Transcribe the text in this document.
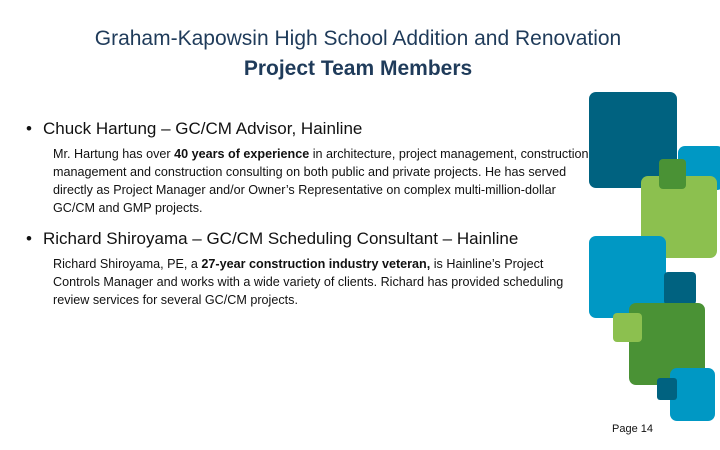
Graham-Kapowsin High School Addition and Renovation
Project Team Members
• Chuck Hartung – GC/CM Advisor, Hainline
Mr. Hartung has over 40 years of experience in architecture, project management, construction management and construction consulting on both public and private projects. He has served directly as Project Manager and/or Owner’s Representative on complex multi-million-dollar GC/CM and GMP projects.
• Richard Shiroyama – GC/CM Scheduling Consultant – Hainline
Richard Shiroyama, PE, a 27-year construction industry veteran, is Hainline’s Project Controls Manager and works with a wide variety of clients. Richard has provided scheduling review services for several GC/CM projects.
Page 14
